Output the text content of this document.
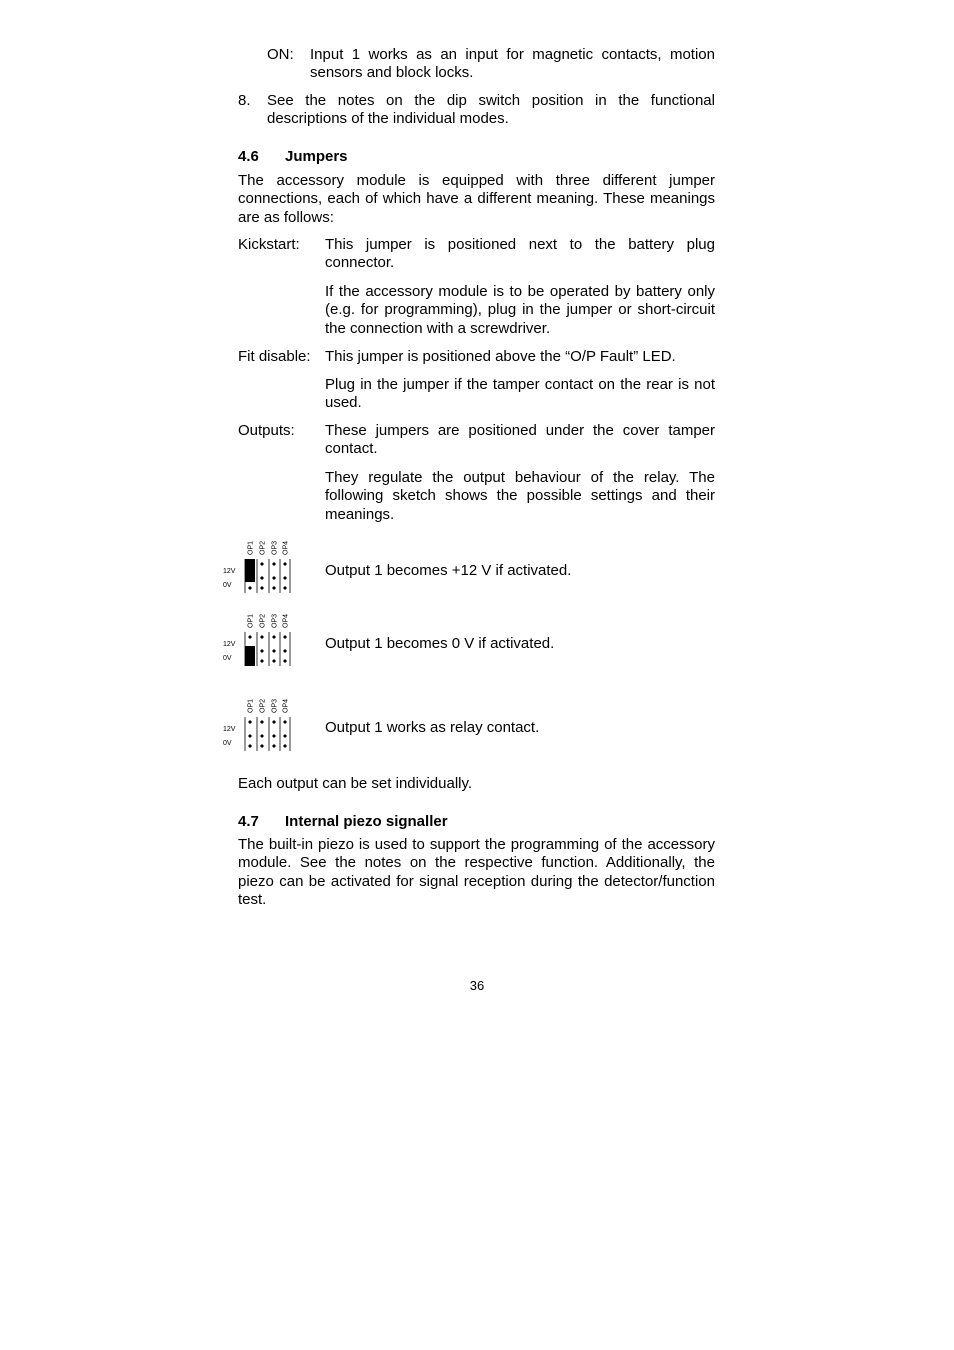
ON: Input 1 works as an input for magnetic contacts, motion sensors and block locks.
8. See the notes on the dip switch position in the functional descriptions of the individual modes.
4.6 Jumpers
The accessory module is equipped with three different jumper connections, each of which have a different meaning. These meanings are as follows:
Kickstart: This jumper is positioned next to the battery plug connector.
If the accessory module is to be operated by battery only (e.g. for programming), plug in the jumper or short-circuit the connection with a screwdriver.
Fit disable: This jumper is positioned above the “O/P Fault” LED.
Plug in the jumper if the tamper contact on the rear is not used.
Outputs: These jumpers are positioned under the cover tamper contact.
They regulate the output behaviour of the relay. The following sketch shows the possible settings and their meanings.
OP1 OP2 OP3 OP4
12V
0V
Output 1 becomes +12 V if activated.
OP1 OP2 OP3 OP4
12V
0V
Output 1 becomes 0 V if activated.
OP1 OP2 OP3 OP4
12V
0V
Output 1 works as relay contact.
Each output can be set individually.
4.7 Internal piezo signaller
The built-in piezo is used to support the programming of the accessory module. See the notes on the respective function. Additionally, the piezo can be activated for signal reception during the detector/function test.
36
